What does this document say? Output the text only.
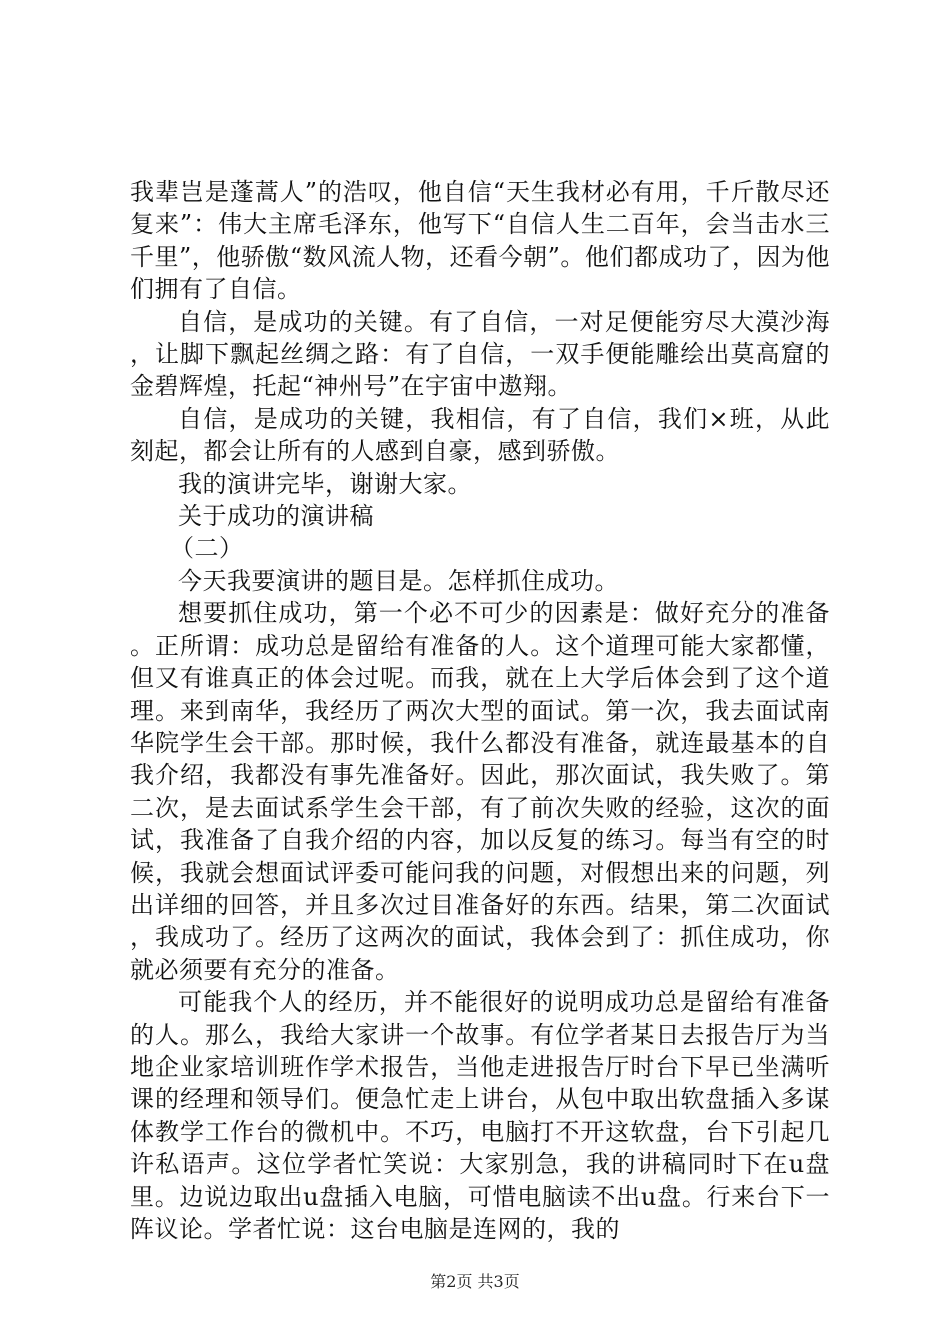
我辈岂是蓬蒿人”的浩叹，他自信“天生我材必有用，千斤散尽还复来”：伟大主席毛泽东，他写下“自信人生二百年，会当击水三千里”，他骄傲“数风流人物，还看今朝”。他们都成功了，因为他们拥有了自信。

自信，是成功的关键。有了自信，一对足便能穷尽大漠沙海，让脚下飘起丝绸之路：有了自信，一双手便能雕绘出莫高窟的金碧辉煌，托起“神州号”在宇宙中遨翔。

自信，是成功的关键，我相信，有了自信，我们×班，从此刻起，都会让所有的人感到自豪，感到骄傲。

我的演讲完毕，谢谢大家。

关于成功的演讲稿

（二）

今天我要演讲的题目是。怎样抓住成功。

想要抓住成功，第一个必不可少的因素是：做好充分的准备。正所谓：成功总是留给有准备的人。这个道理可能大家都懂，但又有谁真正的体会过呢。而我，就在上大学后体会到了这个道理。来到南华，我经历了两次大型的面试。第一次，我去面试南华院学生会干部。那时候，我什么都没有准备，就连最基本的自我介绍，我都没有事先准备好。因此，那次面试，我失败了。第二次，是去面试系学生会干部，有了前次失败的经验，这次的面试，我准备了自我介绍的内容，加以反复的练习。每当有空的时候，我就会想面试评委可能问我的问题，对假想出来的问题，列出详细的回答，并且多次过目准备好的东西。结果，第二次面试，我成功了。经历了这两次的面试，我体会到了：抓住成功，你就必须要有充分的准备。

可能我个人的经历，并不能很好的说明成功总是留给有准备的人。那么，我给大家讲一个故事。有位学者某日去报告厅为当地企业家培训班作学术报告，当他走进报告厅时台下早已坐满听课的经理和领导们。便急忙走上讲台，从包中取出软盘插入多谋体教学工作台的微机中。不巧，电脑打不开这软盘，台下引起几许私语声。这位学者忙笑说：大家别急，我的讲稿同时下在u盘里。边说边取出u盘插入电脑，可惜电脑读不出u盘。行来台下一阵议论。学者忙说：这台电脑是连网的，我的

第2页 共3页
